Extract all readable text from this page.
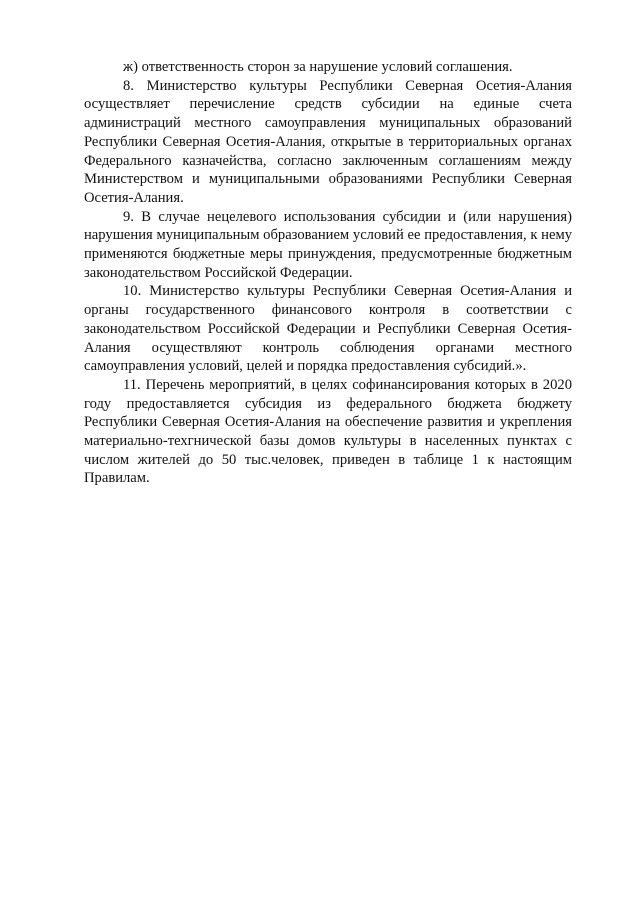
ж) ответственность сторон за нарушение условий соглашения.

8. Министерство культуры Республики Северная Осетия-Алания осуществляет перечисление средств субсидии на единые счета администраций местного самоуправления муниципальных образований Республики Северная Осетия-Алания, открытые в территориальных органах Федерального казначейства, согласно заключенным соглашениям между Министерством и муниципальными образованиями Республики Северная Осетия-Алания.

9. В случае нецелевого использования субсидии и (или нарушения) нарушения муниципальным образованием условий ее предоставления, к нему применяются бюджетные меры принуждения, предусмотренные бюджетным законодательством Российской Федерации.

10. Министерство культуры Республики Северная Осетия-Алания и органы государственного финансового контроля в соответствии с законодательством Российской Федерации и Республики Северная Осетия-Алания осуществляют контроль соблюдения органами местного самоуправления условий, целей и порядка предоставления субсидий.».

11. Перечень мероприятий, в целях софинансирования которых в 2020 году предоставляется субсидия из федерального бюджета бюджету Республики Северная Осетия-Алания на обеспечение развития и укрепления материально-техгнической базы домов культуры в населенных пунктах с числом жителей до 50 тыс.человек, приведен в таблице 1 к настоящим Правилам.
